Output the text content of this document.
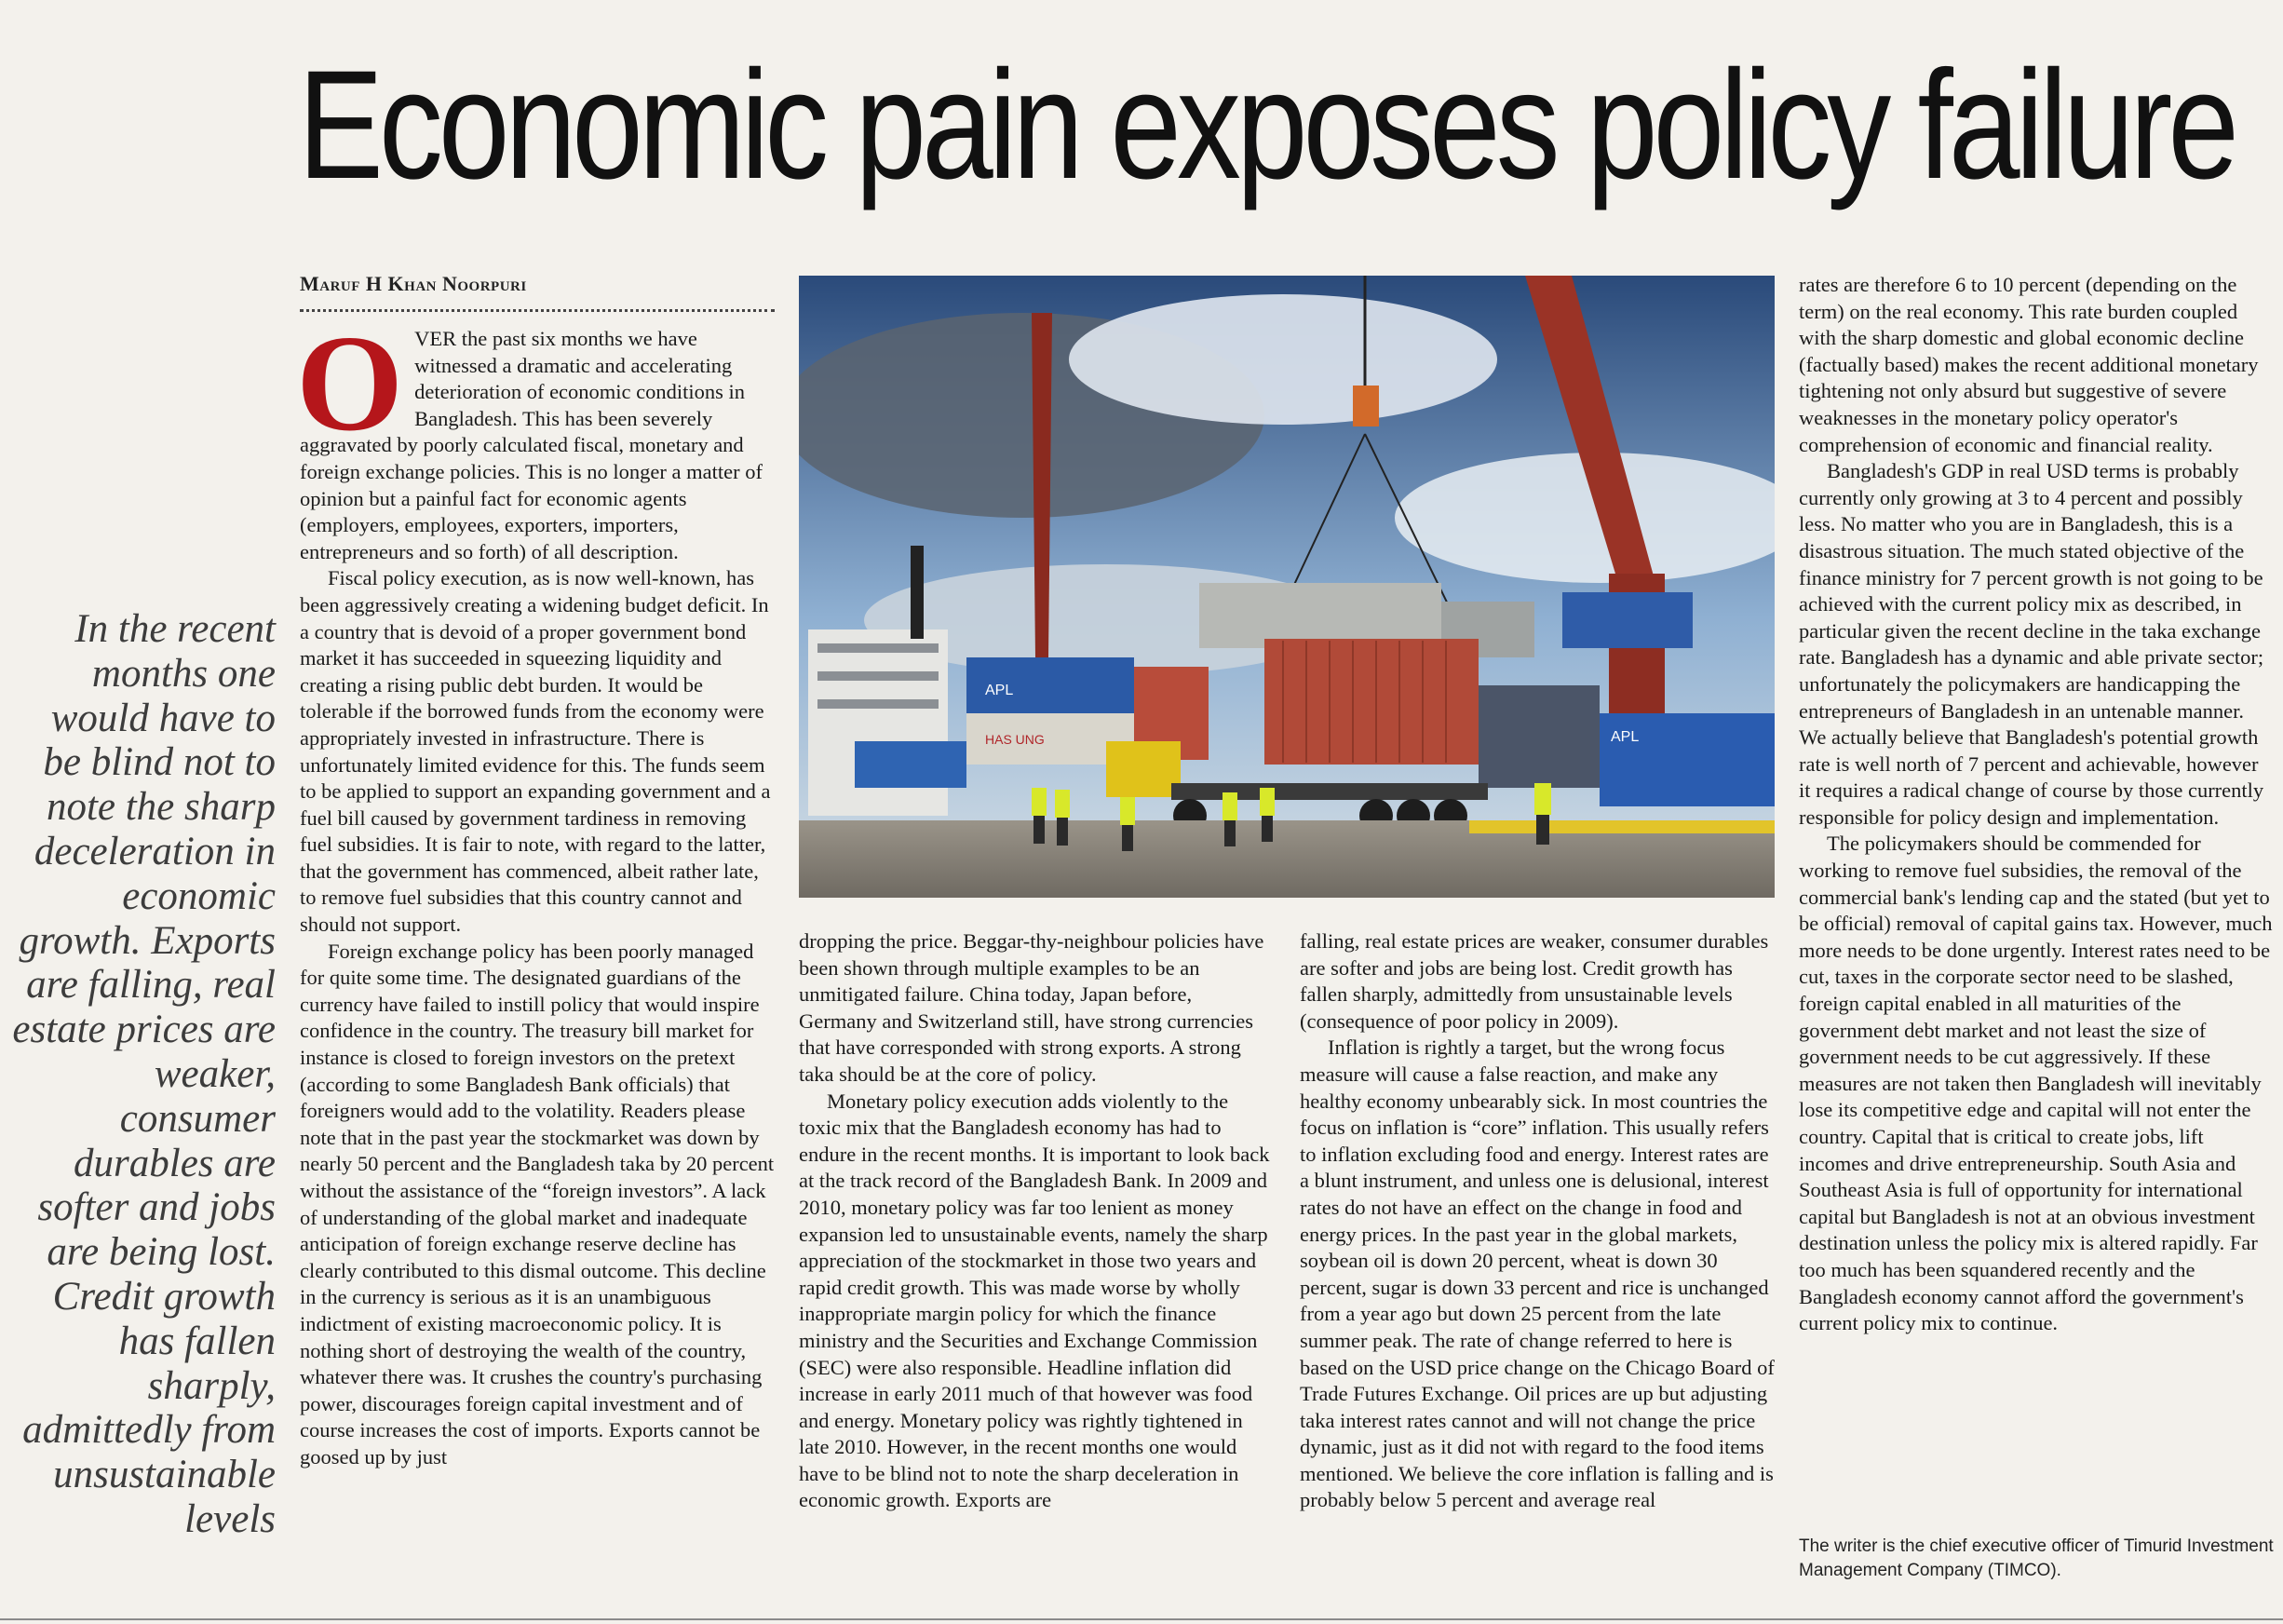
Economic pain exposes policy failure
Maruf H Khan Noorpuri
In the recent months one would have to be blind not to note the sharp deceleration in economic growth. Exports are falling, real estate prices are weaker, consumer durables are softer and jobs are being lost. Credit growth has fallen sharply, admittedly from unsustainable levels

OVER the past six months we have witnessed a dramatic and accelerating deterioration of economic conditions in Bangladesh. This has been severely aggravated by poorly calculated fiscal, monetary and foreign exchange policies. This is no longer a matter of opinion but a painful fact for economic agents (employers, employees, exporters, importers, entrepreneurs and so forth) of all description.

Fiscal policy execution, as is now well-known, has been aggressively creating a widening budget deficit. In a country that is devoid of a proper government bond market it has succeeded in squeezing liquidity and creating a rising public debt burden. It would be tolerable if the borrowed funds from the economy were appropriately invested in infrastructure. There is unfortunately limited evidence for this. The funds seem to be applied to support an expanding government and a fuel bill caused by government tardiness in removing fuel subsidies. It is fair to note, with regard to the latter, that the government has commenced, albeit rather late, to remove fuel subsidies that this country cannot and should not support.

Foreign exchange policy has been poorly managed for quite some time. The designated guardians of the currency have failed to instill policy that would inspire confidence in the country. The treasury bill market for instance is closed to foreign investors on the pretext (according to some Bangladesh Bank officials) that foreigners would add to the volatility. Readers please note that in the past year the stockmarket was down by nearly 50 percent and the Bangladesh taka by 20 percent without the assistance of the “foreign investors”. A lack of understanding of the global market and inadequate anticipation of foreign exchange reserve decline has clearly contributed to this dismal outcome. This decline in the currency is serious as it is an unambiguous indictment of existing macroeconomic policy. It is nothing short of destroying the wealth of the country, whatever there was. It crushes the country's purchasing power, discourages foreign capital investment and of course increases the cost of imports. Exports cannot be goosed up by just

APL
HAS UNG	APL

dropping the price. Beggar-thy-neighbour policies have been shown through multiple examples to be an unmitigated failure. China today, Japan before, Germany and Switzerland still, have strong currencies that have corresponded with strong exports. A strong taka should be at the core of policy.

Monetary policy execution adds violently to the toxic mix that the Bangladesh economy has had to endure in the recent months. It is important to look back at the track record of the Bangladesh Bank. In 2009 and 2010, monetary policy was far too lenient as money expansion led to unsustainable events, namely the sharp appreciation of the stockmarket in those two years and rapid credit growth. This was made worse by wholly inappropriate margin policy for which the finance ministry and the Securities and Exchange Commission (SEC) were also responsible. Headline inflation did increase in early 2011 much of that however was food and energy. Monetary policy was rightly tightened in late 2010. However, in the recent months one would have to be blind not to note the sharp deceleration in economic growth. Exports are

falling, real estate prices are weaker, consumer durables are softer and jobs are being lost. Credit growth has fallen sharply, admittedly from unsustainable levels (consequence of poor policy in 2009).

Inflation is rightly a target, but the wrong focus measure will cause a false reaction, and make any healthy economy unbearably sick. In most countries the focus on inflation is “core” inflation. This usually refers to inflation excluding food and energy. Interest rates are a blunt instrument, and unless one is delusional, interest rates do not have an effect on the change in food and energy prices. In the past year in the global markets, soybean oil is down 20 percent, wheat is down 30 percent, sugar is down 33 percent and rice is unchanged from a year ago but down 25 percent from the late summer peak. The rate of change referred to here is based on the USD price change on the Chicago Board of Trade Futures Exchange. Oil prices are up but adjusting taka interest rates cannot and will not change the price dynamic, just as it did not with regard to the food items mentioned. We believe the core inflation is falling and is probably below 5 percent and average real

rates are therefore 6 to 10 percent (depending on the term) on the real economy. This rate burden coupled with the sharp domestic and global economic decline (factually based) makes the recent additional monetary tightening not only absurd but suggestive of severe weaknesses in the monetary policy operator's comprehension of economic and financial reality.

Bangladesh's GDP in real USD terms is probably currently only growing at 3 to 4 percent and possibly less. No matter who you are in Bangladesh, this is a disastrous situation. The much stated objective of the finance ministry for 7 percent growth is not going to be achieved with the current policy mix as described, in particular given the recent decline in the taka exchange rate. Bangladesh has a dynamic and able private sector; unfortunately the policymakers are handicapping the entrepreneurs of Bangladesh in an untenable manner. We actually believe that Bangladesh's potential growth rate is well north of 7 percent and achievable, however it requires a radical change of course by those currently responsible for policy design and implementation.

The policymakers should be commended for working to remove fuel subsidies, the removal of the commercial bank's lending cap and the stated (but yet to be official) removal of capital gains tax. However, much more needs to be done urgently. Interest rates need to be cut, taxes in the corporate sector need to be slashed, foreign capital enabled in all maturities of the government debt market and not least the size of government needs to be cut aggressively. If these measures are not taken then Bangladesh will inevitably lose its competitive edge and capital will not enter the country. Capital that is critical to create jobs, lift incomes and drive entrepreneurship. South Asia and Southeast Asia is full of opportunity for international capital but Bangladesh is not at an obvious investment destination unless the policy mix is altered rapidly. Far too much has been squandered recently and the Bangladesh economy cannot afford the government's current policy mix to continue.

The writer is the chief executive officer of Timurid Investment Management Company (TIMCO).
